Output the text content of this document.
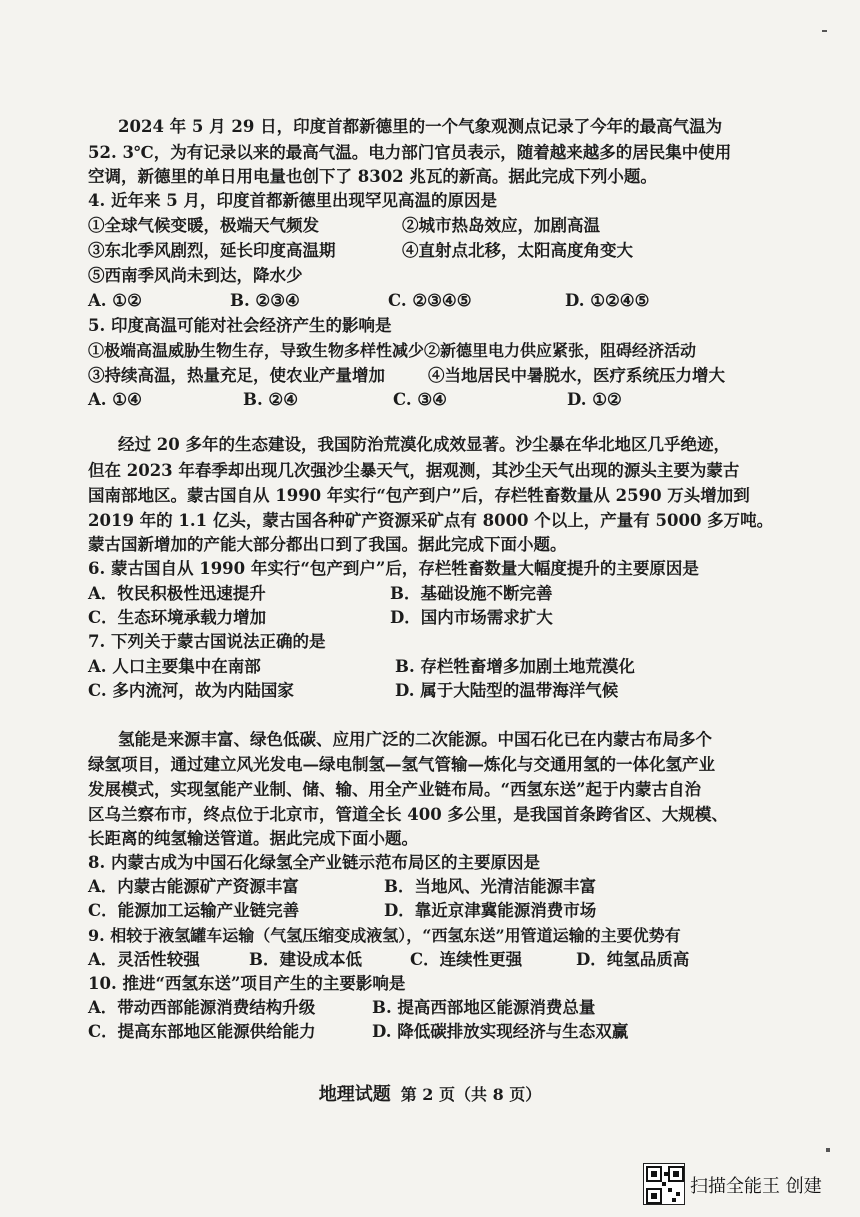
2024 年 5 月 29 日，印度首都新德里的一个气象观测点记录了今年的最高气温为
52. 3℃，为有记录以来的最高气温。电力部门官员表示，随着越来越多的居民集中使用
空调，新德里的单日用电量也创下了 8302 兆瓦的新高。据此完成下列小题。
4. 近年来 5 月，印度首都新德里出现罕见高温的原因是
①全球气候变暖，极端天气频发	②城市热岛效应，加剧高温
③东北季风剧烈，延长印度高温期	④直射点北移，太阳高度角变大
⑤西南季风尚未到达，降水少
A. ①②	B. ②③④	C. ②③④⑤	D. ①②④⑤
5. 印度高温可能对社会经济产生的影响是
①极端高温威胁生物生存，导致生物多样性减少②新德里电力供应紧张，阻碍经济活动
③持续高温，热量充足，使农业产量增加	④当地居民中暑脱水，医疗系统压力增大
A. ①④	B. ②④	C. ③④	D. ①②
经过 20 多年的生态建设，我国防治荒漠化成效显著。沙尘暴在华北地区几乎绝迹，
但在 2023 年春季却出现几次强沙尘暴天气，据观测，其沙尘天气出现的源头主要为蒙古
国南部地区。蒙古国自从 1990 年实行“包产到户”后，存栏牲畜数量从 2590 万头增加到
2019 年的 1.1 亿头，蒙古国各种矿产资源采矿点有 8000 个以上，产量有 5000 多万吨。
蒙古国新增加的产能大部分都出口到了我国。据此完成下面小题。
6. 蒙古国自从 1990 年实行“包产到户”后，存栏牲畜数量大幅度提升的主要原因是
A．牧民积极性迅速提升	B．基础设施不断完善
C．生态环境承载力增加	D．国内市场需求扩大
7. 下列关于蒙古国说法正确的是
A. 人口主要集中在南部	B. 存栏牲畜增多加剧土地荒漠化
C. 多内流河，故为内陆国家	D. 属于大陆型的温带海洋气候
氢能是来源丰富、绿色低碳、应用广泛的二次能源。中国石化已在内蒙古布局多个
绿氢项目，通过建立风光发电—绿电制氢—氢气管输—炼化与交通用氢的一体化氢产业
发展模式，实现氢能产业制、储、输、用全产业链布局。“西氢东送”起于内蒙古自治
区乌兰察布市，终点位于北京市，管道全长 400 多公里，是我国首条跨省区、大规模、
长距离的纯氢输送管道。据此完成下面小题。
8. 内蒙古成为中国石化绿氢全产业链示范布局区的主要原因是
A．内蒙古能源矿产资源丰富	B．当地风、光清洁能源丰富
C．能源加工运输产业链完善	D．靠近京津冀能源消费市场
9. 相较于液氢罐车运输（气氢压缩变成液氢），“西氢东送”用管道运输的主要优势有
A．灵活性较强	B．建设成本低	C．连续性更强	D．纯氢品质高
10. 推进“西氢东送”项目产生的主要影响是
A．带动西部能源消费结构升级	B. 提高西部地区能源消费总量
C．提高东部地区能源供给能力	D. 降低碳排放实现经济与生态双赢
地理试题 第 2 页（共 8 页）
扫描全能王 创建
